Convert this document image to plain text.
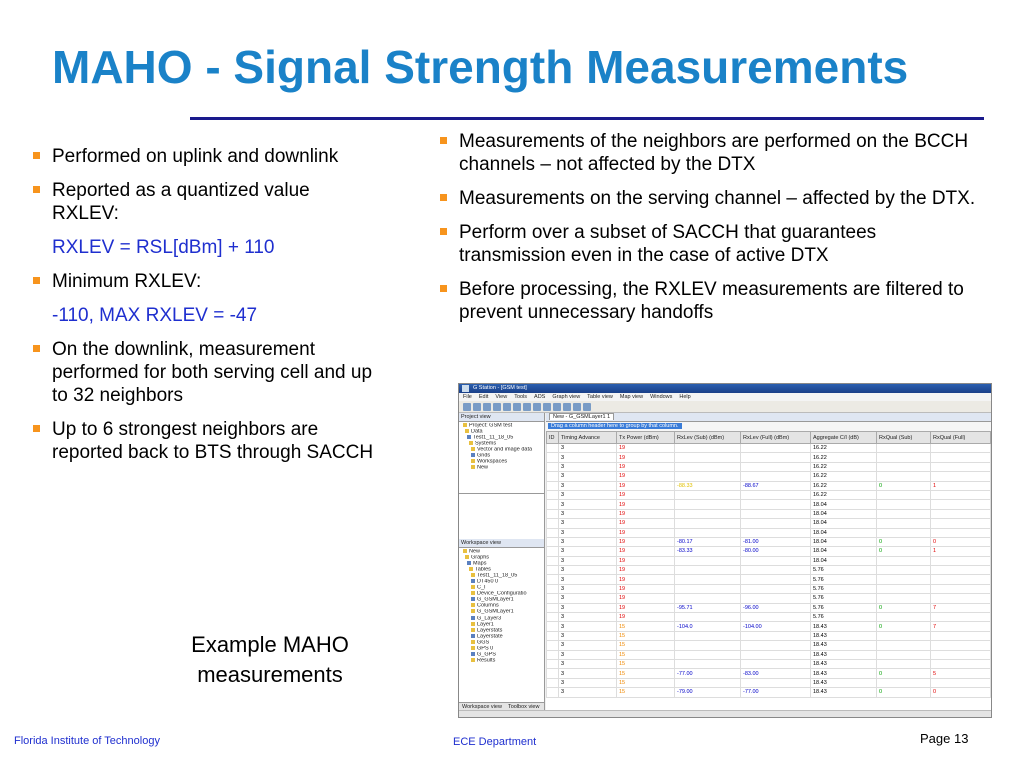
MAHO - Signal Strength Measurements
Performed on uplink and downlink
Reported as a quantized value RXLEV:
RXLEV = RSL[dBm] + 110
Minimum RXLEV:
-110, MAX RXLEV = -47
On the downlink, measurement performed for both serving cell and up to 32 neighbors
Up to 6 strongest neighbors are reported back to BTS through SACCH
Measurements of the neighbors are performed on the BCCH channels – not affected by the DTX
Measurements on the serving channel – affected by the DTX.
Perform over a subset of SACCH that guarantees transmission even in the case of active DTX
Before processing, the RXLEV measurements are filtered to prevent unnecessary handoffs
G Station - [GSM test]
File Edit View Tools ADS Graph view Table view Map view Windows Help
Project view
Project: GSM test
Data
Test1_11_18_05
Systems
Vector and image data
Grids
Workspaces
New
Workspace view
New
Graphs
Maps
Tables
Test1_11_18_05
DT450 0
C_I
Device_Configuratio
G_GSMLayer1
Columns
G_GSMLayer1
G_Layer3
Layer1
Layerstats
Layerstate
GGS
GPS 0
G_GPS
Results
Workspace view Toolbox view
New - G_GSMLayer1 1
Drag a column header here to group by that column.
ID	Timing Advance	Tx Power (dBm)	RxLev (Sub) (dBm)	RxLev (Full) (dBm)	Aggregate C/I (dB)	RxQual (Sub)	RxQual (Full)
	3	19			16.22		
	3	19			16.22		
	3	19			16.22		
	3	19			16.22		
	3	19	-88.33	-88.67	16.22	0	1
	3	19			16.22		
	3	19			18.04		
	3	19			18.04		
	3	19			18.04		
	3	19			18.04		
	3	19	-80.17	-81.00	18.04	0	0
	3	19	-83.33	-80.00	18.04	0	1
	3	19			18.04		
	3	19			5.76		
	3	19			5.76		
	3	19			5.76		
	3	19			5.76		
	3	19	-95.71	-96.00	5.76	0	7
	3	19			5.76		
	3	15	-104.0	-104.00	18.43	0	7
	3	15			18.43		
	3	15			18.43		
	3	15			18.43		
	3	15			18.43		
	3	15	-77.00	-83.00	18.43	0	5
	3	15			18.43		
	3	15	-79.00	-77.00	18.43	0	0
Example MAHO
measurements
Florida Institute of Technology	ECE Department	Page 13
